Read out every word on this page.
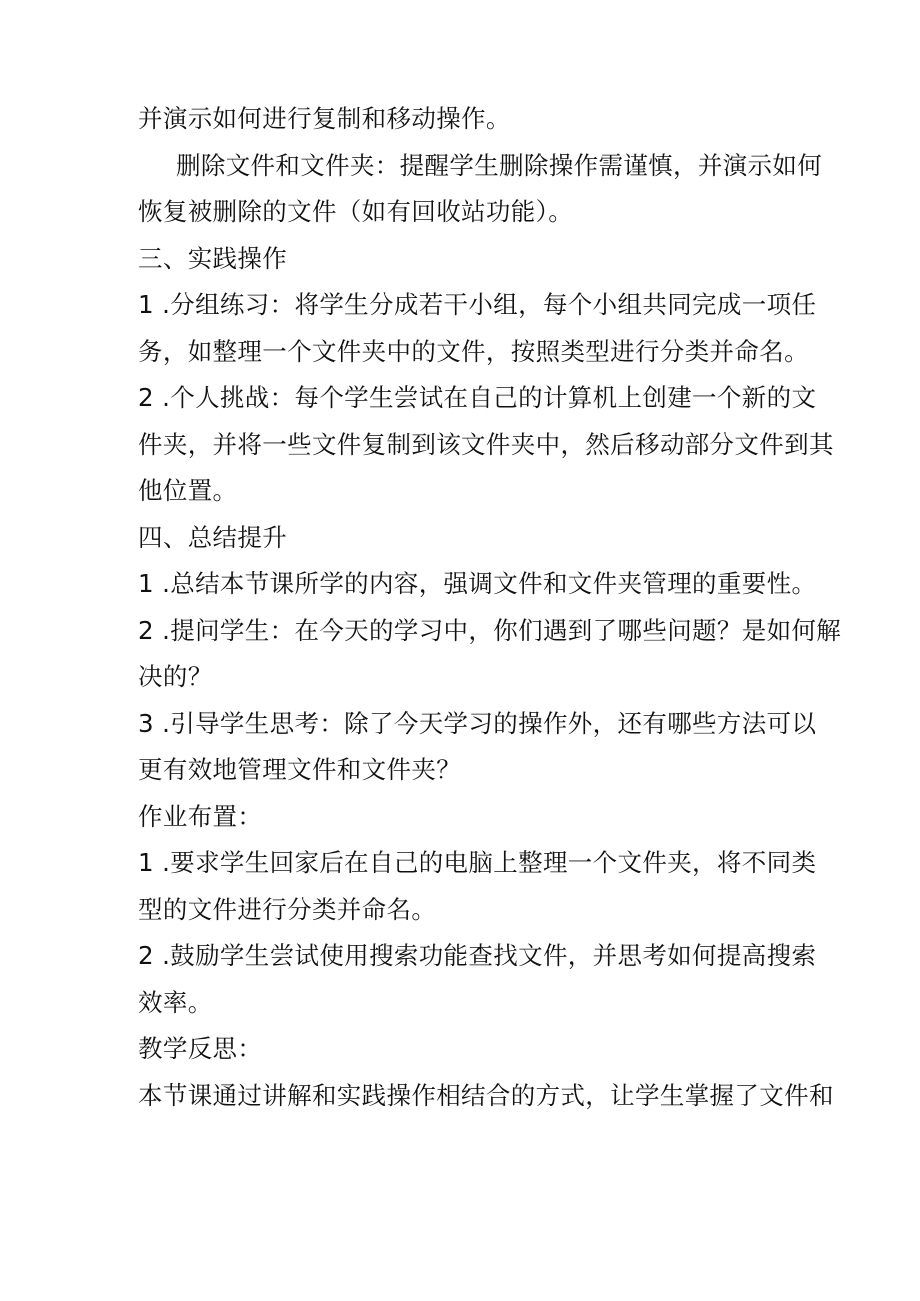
并演示如何进行复制和移动操作。
删除文件和文件夹：提醒学生删除操作需谨慎，并演示如何
恢复被删除的文件（如有回收站功能）。
三、实践操作
1 .分组练习：将学生分成若干小组，每个小组共同完成一项任
务，如整理一个文件夹中的文件，按照类型进行分类并命名。
2 .个人挑战：每个学生尝试在自己的计算机上创建一个新的文
件夹，并将一些文件复制到该文件夹中，然后移动部分文件到其
他位置。
四、总结提升
1 .总结本节课所学的内容，强调文件和文件夹管理的重要性。
2 .提问学生：在今天的学习中，你们遇到了哪些问题？是如何解
决的？
3 .引导学生思考：除了今天学习的操作外，还有哪些方法可以
更有效地管理文件和文件夹？
作业布置：
1 .要求学生回家后在自己的电脑上整理一个文件夹，将不同类
型的文件进行分类并命名。
2 .鼓励学生尝试使用搜索功能查找文件，并思考如何提高搜索
效率。
教学反思：
本节课通过讲解和实践操作相结合的方式，让学生掌握了文件和
